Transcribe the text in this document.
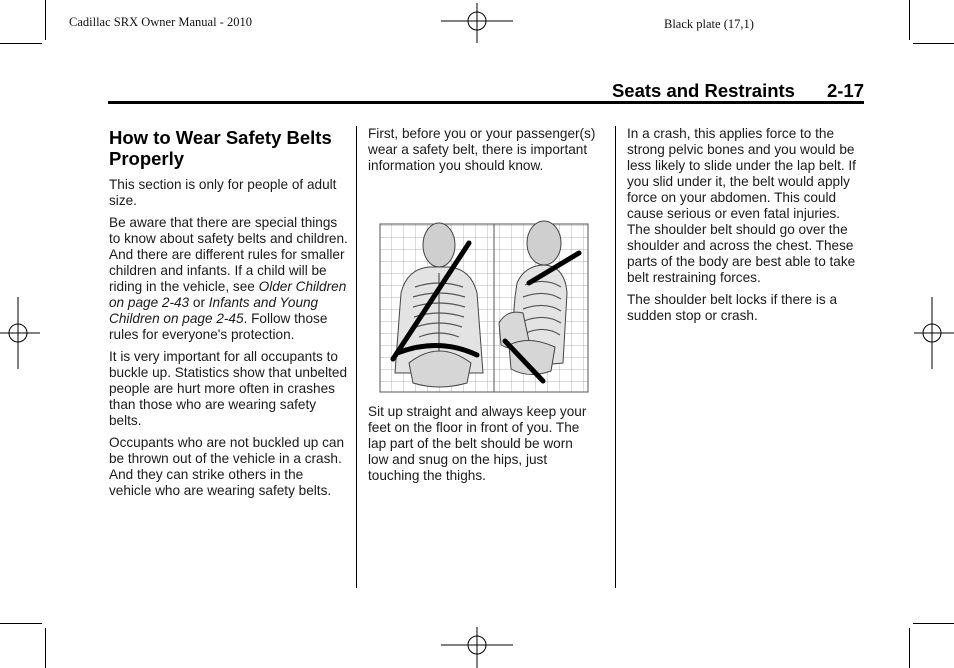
Cadillac SRX Owner Manual - 2010	Black plate (17,1)
Seats and Restraints 2-17
How to Wear Safety Belts Properly

This section is only for people of adult size.

Be aware that there are special things to know about safety belts and children. And there are different rules for smaller children and infants. If a child will be riding in the vehicle, see Older Children on page 2-43 or Infants and Young Children on page 2-45. Follow those rules for everyone's protection.

It is very important for all occupants to buckle up. Statistics show that unbelted people are hurt more often in crashes than those who are wearing safety belts.

Occupants who are not buckled up can be thrown out of the vehicle in a crash. And they can strike others in the vehicle who are wearing safety belts.

First, before you or your passenger(s) wear a safety belt, there is important information you should know.

Sit up straight and always keep your feet on the floor in front of you. The lap part of the belt should be worn low and snug on the hips, just touching the thighs.

In a crash, this applies force to the strong pelvic bones and you would be less likely to slide under the lap belt. If you slid under it, the belt would apply force on your abdomen. This could cause serious or even fatal injuries. The shoulder belt should go over the shoulder and across the chest. These parts of the body are best able to take belt restraining forces.

The shoulder belt locks if there is a sudden stop or crash.
